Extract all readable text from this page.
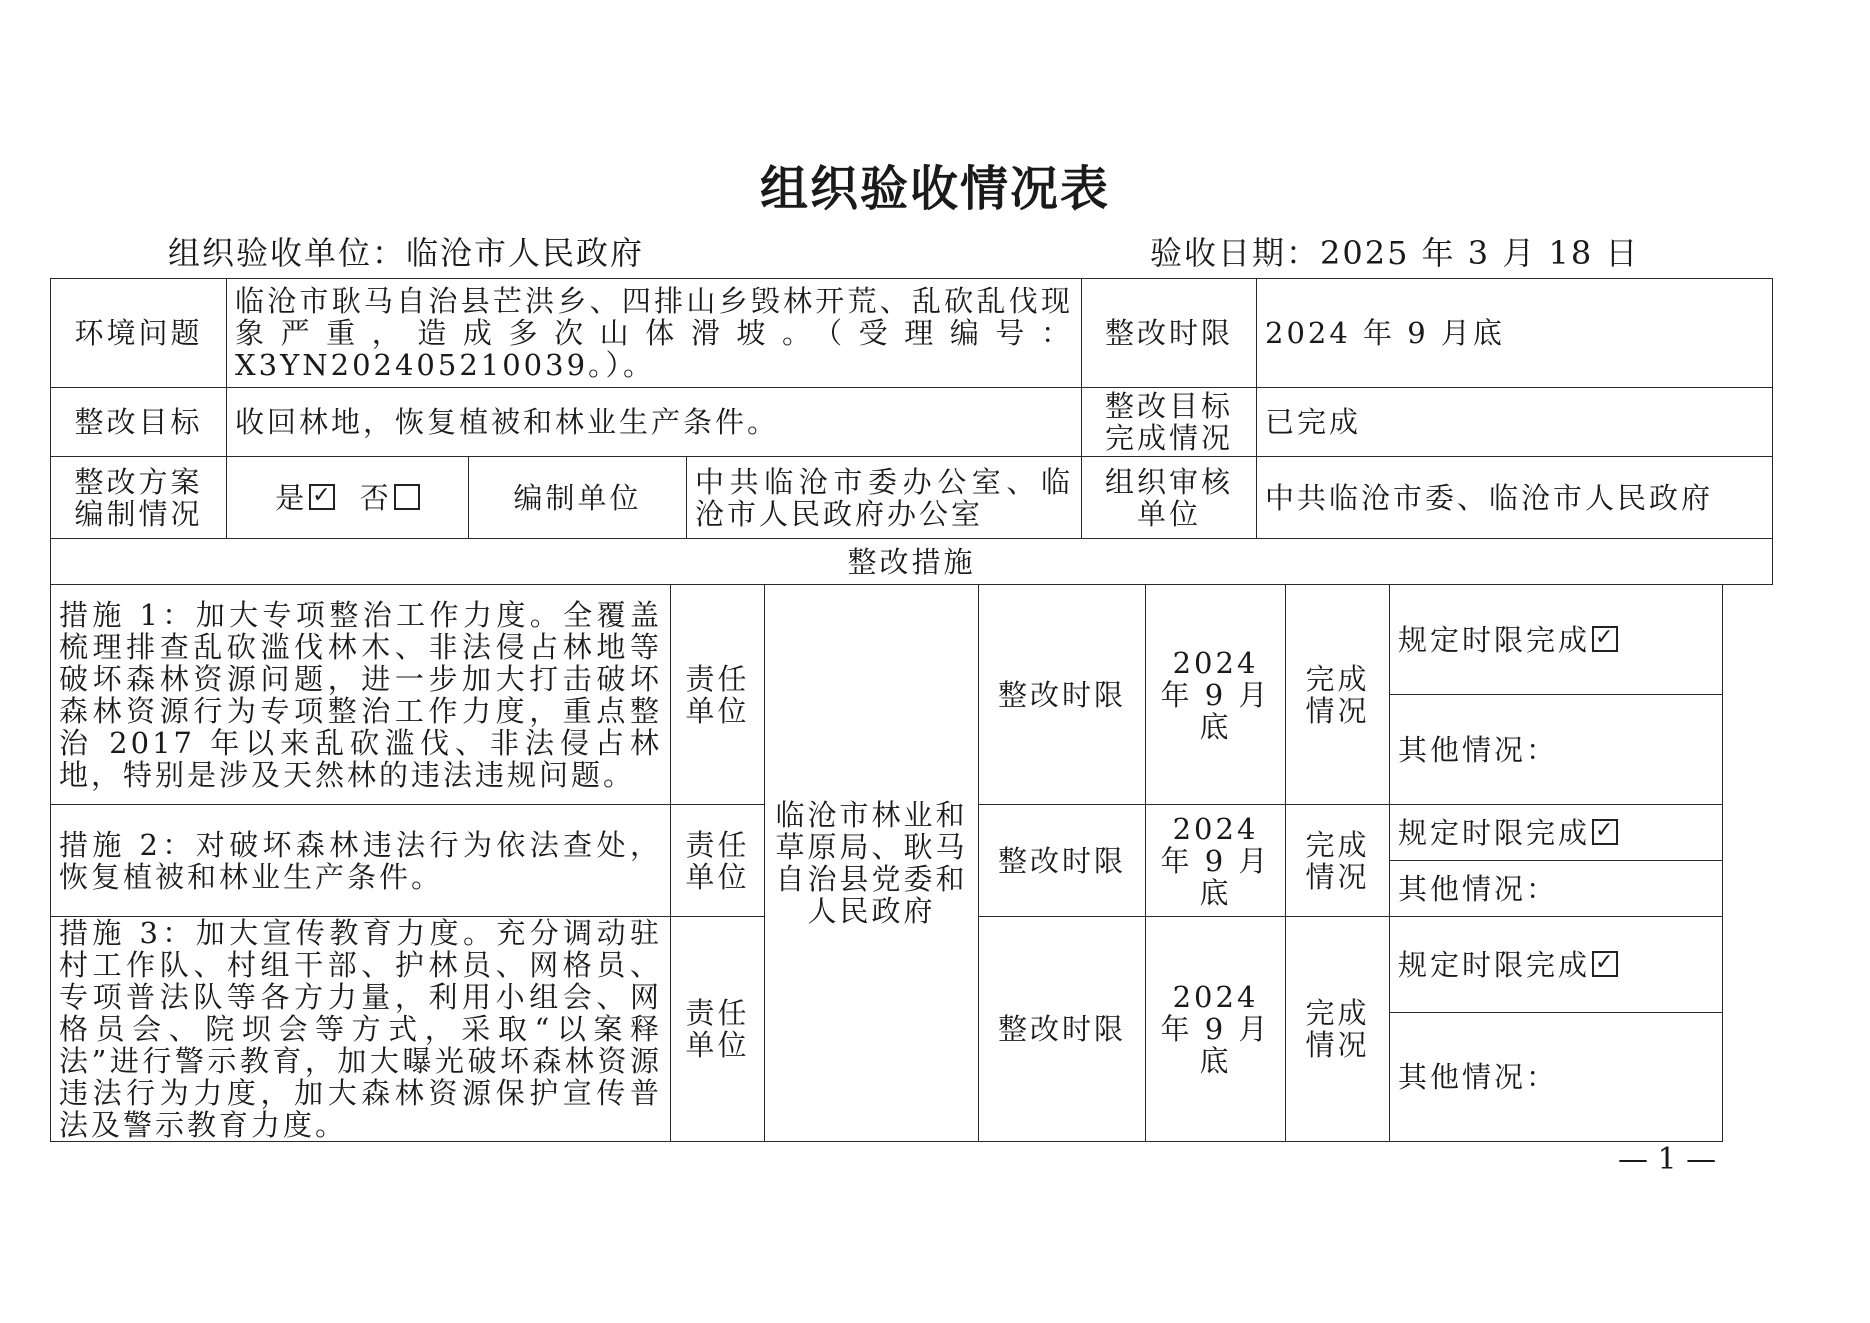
组织验收情况表
组织验收单位：临沧市人民政府	验收日期：2025 年 3 月 18 日
环境问题	临沧市耿马自治县芒洪乡、四排山乡毁林开荒、乱砍乱伐现象严重，造成多次山体滑坡。（受理编号：X3YN202405210039。）。			整改时限	2024 年 9 月底
整改目标	收回林地，恢复植被和林业生产条件。			整改目标完成情况	已完成
整改方案编制情况	是 ✓ 否	编制单位	中共临沧市委办公室、临沧市人民政府办公室	组织审核单位	中共临沧市委、临沧市人民政府
整改措施					
措施 1：加大专项整治工作力度。全覆盖梳理排查乱砍滥伐林木、非法侵占林地等破坏森林资源问题，进一步加大打击破坏森林资源行为专项整治工作力度，重点整治 2017 年以来乱砍滥伐、非法侵占林地，特别是涉及天然林的违法违规问题。	责任单位	临沧市林业和草原局、耿马自治县党委和人民政府	整改时限	2024 年 9 月底	完成情况	规定时限完成✓
						其他情况：
措施 2：对破坏森林违法行为依法查处，恢复植被和林业生产条件。	责任单位		整改时限	2024 年 9 月底	完成情况	规定时限完成✓
						其他情况：
措施 3：加大宣传教育力度。充分调动驻村工作队、村组干部、护林员、网格员、专项普法队等各方力量，利用小组会、网格员会、院坝会等方式，采取“以案释法”进行警示教育，加大曝光破坏森林资源违法行为力度，加大森林资源保护宣传普法及警示教育力度。	责任单位		整改时限	2024 年 9 月底	完成情况	规定时限完成✓
						其他情况：
— 1 —
